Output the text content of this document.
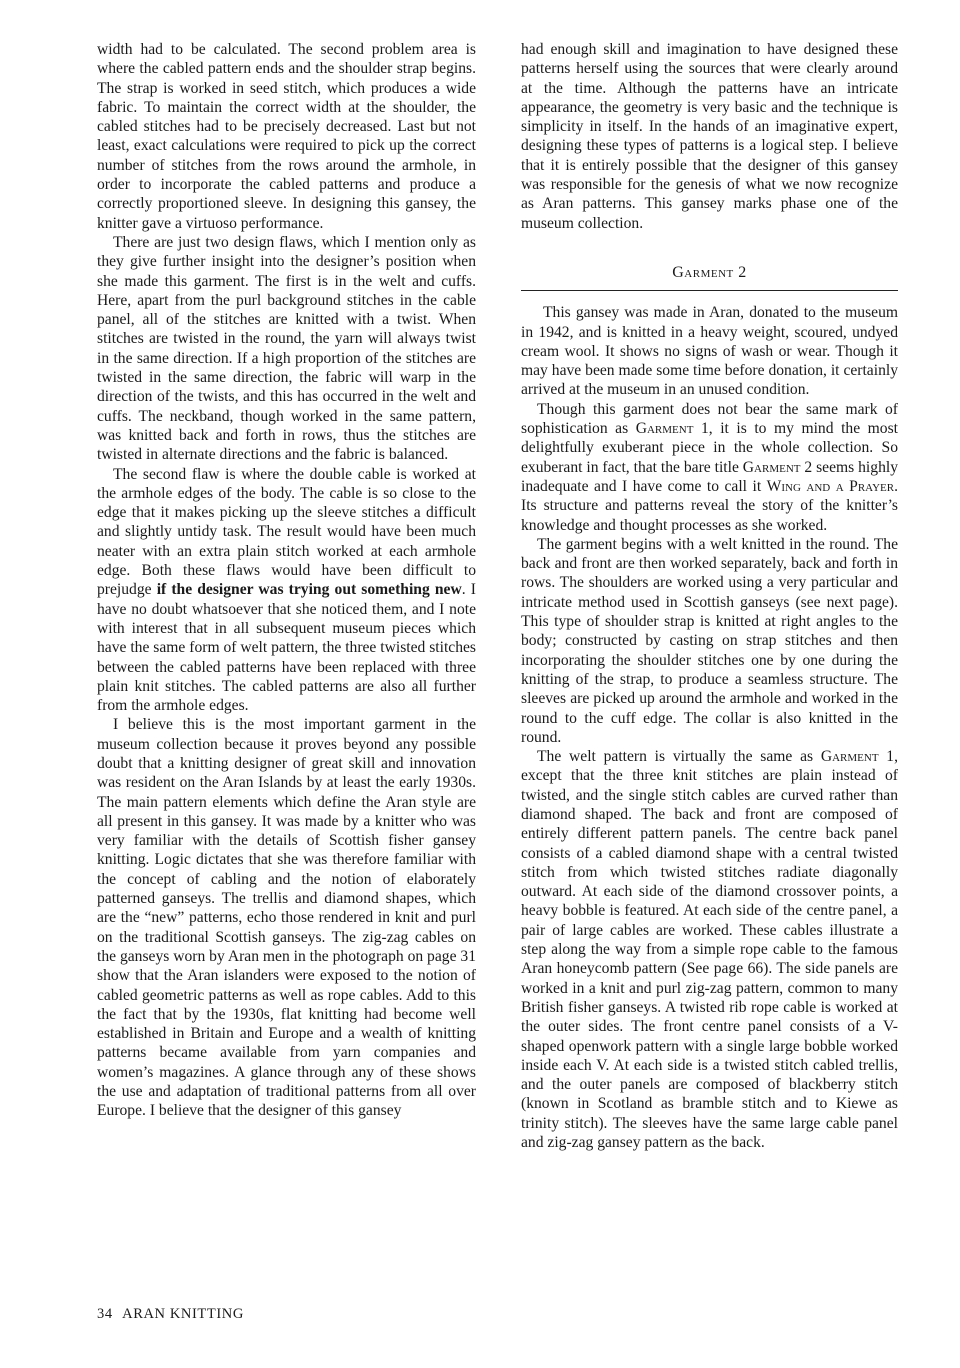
width had to be calculated. The second problem area is where the cabled pattern ends and the shoulder strap begins. The strap is worked in seed stitch, which produces a wide fabric. To maintain the correct width at the shoulder, the cabled stitches had to be precisely decreased. Last but not least, exact calculations were required to pick up the correct number of stitches from the rows around the armhole, in order to incorporate the cabled patterns and produce a correctly proportioned sleeve. In designing this gansey, the knitter gave a virtuoso performance.

There are just two design flaws, which I mention only as they give further insight into the designer’s position when she made this garment. The first is in the welt and cuffs. Here, apart from the purl background stitches in the cable panel, all of the stitches are knitted with a twist. When stitches are twisted in the round, the yarn will always twist in the same direction. If a high proportion of the stitches are twisted in the same direction, the fabric will warp in the direction of the twists, and this has occurred in the welt and cuffs. The neckband, though worked in the same pattern, was knitted back and forth in rows, thus the stitches are twisted in alternate directions and the fabric is balanced.

The second flaw is where the double cable is worked at the armhole edges of the body. The cable is so close to the edge that it makes picking up the sleeve stitches a difficult and slightly untidy task. The result would have been much neater with an extra plain stitch worked at each armhole edge. Both these flaws would have been difficult to prejudge if the designer was trying out something new. I have no doubt whatsoever that she noticed them, and I note with interest that in all subsequent museum pieces which have the same form of welt pattern, the three twisted stitches between the cabled patterns have been replaced with three plain knit stitches. The cabled patterns are also all further from the armhole edges.

I believe this is the most important garment in the museum collection because it proves beyond any possible doubt that a knitting designer of great skill and innovation was resident on the Aran Islands by at least the early 1930s. The main pattern elements which define the Aran style are all present in this gansey. It was made by a knitter who was very familiar with the details of Scottish fisher gansey knitting. Logic dictates that she was therefore familiar with the concept of cabling and the notion of elaborately patterned ganseys. The trellis and diamond shapes, which are the “new” patterns, echo those rendered in knit and purl on the traditional Scottish ganseys. The zig-zag cables on the ganseys worn by Aran men in the photograph on page 31 show that the Aran islanders were exposed to the notion of cabled geometric patterns as well as rope cables. Add to this the fact that by the 1930s, flat knitting had become well established in Britain and Europe and a wealth of knitting patterns became available from yarn companies and women’s magazines. A glance through any of these shows the use and adaptation of traditional patterns from all over Europe. I believe that the designer of this gansey

had enough skill and imagination to have designed these patterns herself using the sources that were clearly around at the time. Although the patterns have an intricate appearance, the geometry is very basic and the technique is simplicity in itself. In the hands of an imaginative expert, designing these types of patterns is a logical step. I believe that it is entirely possible that the designer of this gansey was responsible for the genesis of what we now recognize as Aran patterns. This gansey marks phase one of the museum collection.

Garment 2

This gansey was made in Aran, donated to the museum in 1942, and is knitted in a heavy weight, scoured, undyed cream wool. It shows no signs of wash or wear. Though it may have been made some time before donation, it certainly arrived at the museum in an unused condition.

Though this garment does not bear the same mark of sophistication as Garment 1, it is to my mind the most delightfully exuberant piece in the whole collection. So exuberant in fact, that the bare title Garment 2 seems highly inadequate and I have come to call it Wing and a Prayer. Its structure and patterns reveal the story of the knitter’s knowledge and thought processes as she worked.

The garment begins with a welt knitted in the round. The back and front are then worked separately, back and forth in rows. The shoulders are worked using a very particular and intricate method used in Scottish ganseys (see next page). This type of shoulder strap is knitted at right angles to the body; constructed by casting on strap stitches and then incorporating the shoulder stitches one by one during the knitting of the strap, to produce a seamless structure. The sleeves are picked up around the armhole and worked in the round to the cuff edge. The collar is also knitted in the round.

The welt pattern is virtually the same as Garment 1, except that the three knit stitches are plain instead of twisted, and the single stitch cables are curved rather than diamond shaped. The back and front are composed of entirely different pattern panels. The centre back panel consists of a cabled diamond shape with a central twisted stitch from which twisted stitches radiate diagonally outward. At each side of the diamond crossover points, a heavy bobble is featured. At each side of the centre panel, a pair of large cables are worked. These cables illustrate a step along the way from a simple rope cable to the famous Aran honeycomb pattern (See page 66). The side panels are worked in a knit and purl zig-zag pattern, common to many British fisher ganseys. A twisted rib rope cable is worked at the outer sides. The front centre panel consists of a V-shaped openwork pattern with a single large bobble worked inside each V. At each side is a twisted stitch cabled trellis, and the outer panels are composed of blackberry stitch (known in Scotland as bramble stitch and to Kiewe as trinity stitch). The sleeves have the same large cable panel and zig-zag gansey pattern as the back.

34 ARAN KNITTING
